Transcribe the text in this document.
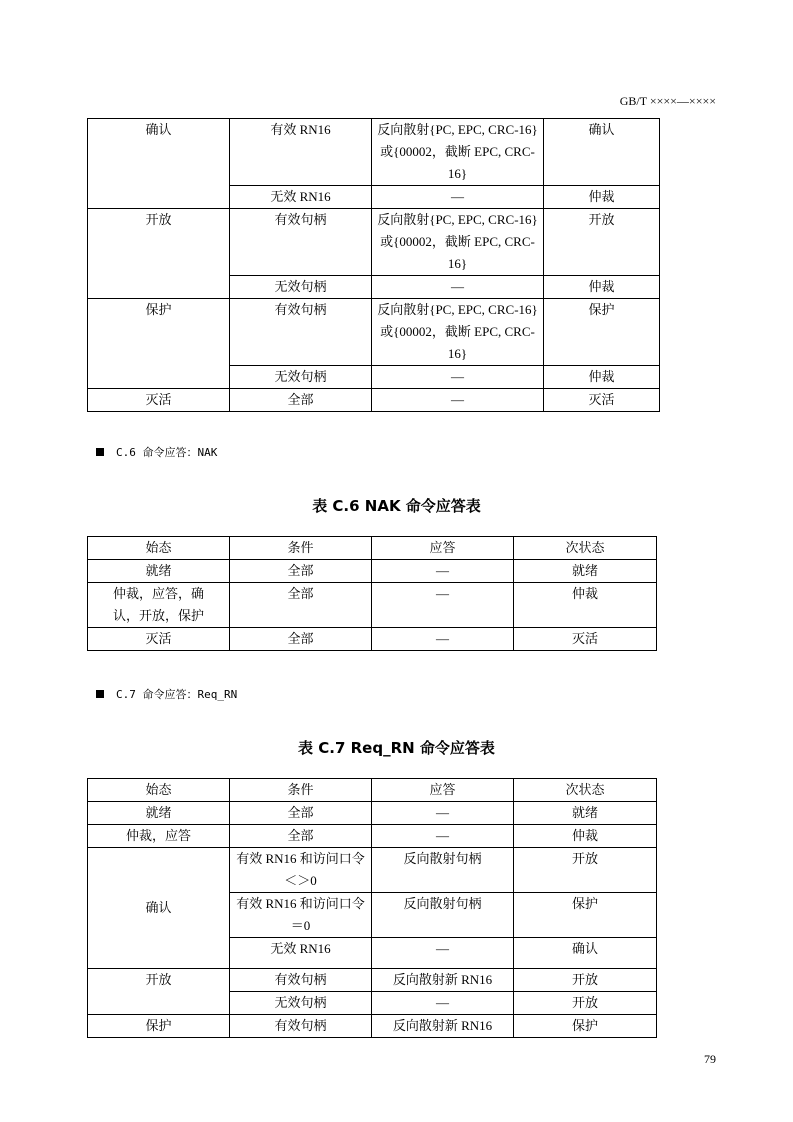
GB/T ××××—××××
确认	有效 RN16	反向散射{PC, EPC, CRC-16}或{00002，截断 EPC, CRC-16}	确认
	无效 RN16	—	仲裁
开放	有效句柄	反向散射{PC, EPC, CRC-16}或{00002，截断 EPC, CRC-16}	开放
	无效句柄	—	仲裁
保护	有效句柄	反向散射{PC, EPC, CRC-16}或{00002，截断 EPC, CRC-16}	保护
	无效句柄	—	仲裁
灭活	全部	—	灭活
C.6 命令应答：NAK
表 C.6 NAK 命令应答表
始态	条件	应答	次状态
就绪	全部	—	就绪
仲裁，应答，确认，开放，保护	全部	—	仲裁
灭活	全部	—	灭活
C.7 命令应答：Req_RN
表 C.7 Req_RN 命令应答表
始态	条件	应答	次状态
就绪	全部	—	就绪
仲裁，应答	全部	—	仲裁
确认	有效 RN16 和访问口令＜＞0	反向散射句柄	开放
	有效 RN16 和访问口令＝0	反向散射句柄	保护
	无效 RN16	—	确认
开放	有效句柄	反向散射新 RN16	开放
	无效句柄	—	开放
保护	有效句柄	反向散射新 RN16	保护
79
